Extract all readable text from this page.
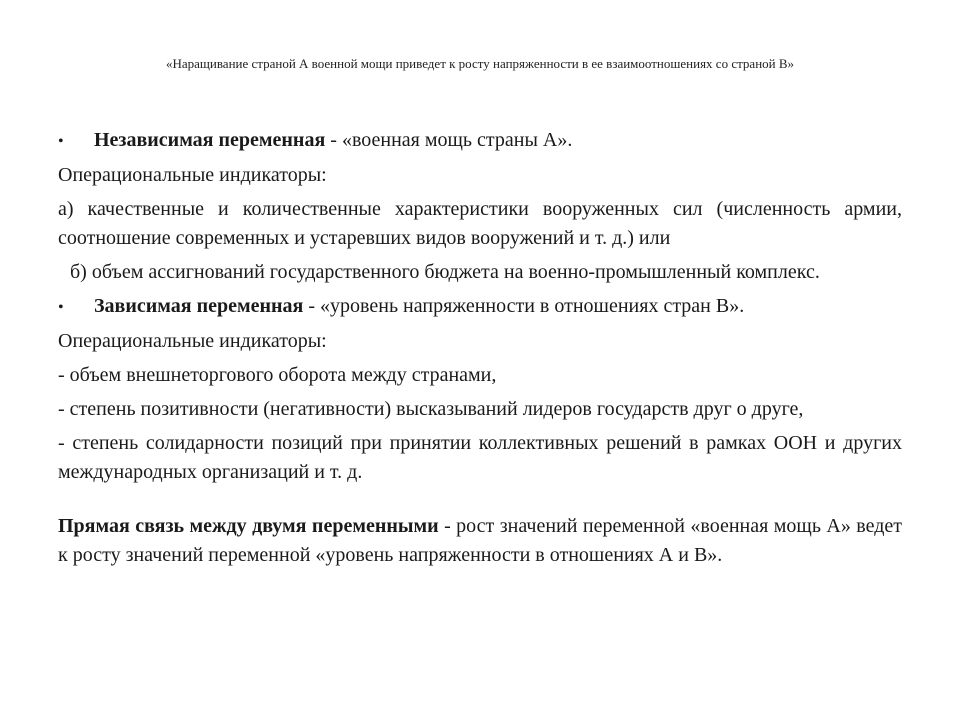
«Наращивание страной А военной мощи приведет к росту напряженности в ее взаимоотношениях со страной В»
•	Независимая переменная - «военная мощь страны А».

Операциональные индикаторы:

а) качественные и количественные характеристики вооруженных сил (численность армии, соотношение современных и устаревших видов вооружений и т. д.) или

б) объем ассигнований государственного бюджета на военно-промышленный комплекс.

•	Зависимая переменная - «уровень напряженности в отношениях стран В».

Операциональные индикаторы:

- объем внешнеторгового оборота между странами,

- степень позитивности (негативности) высказываний лидеров государств друг о друге,

- степень солидарности позиций при принятии коллективных решений в рамках ООН и других международных организаций и т. д.

Прямая связь между двумя переменными - рост значений переменной «военная мощь А» ведет к росту значений переменной «уровень напряженности в отношениях А и В».
